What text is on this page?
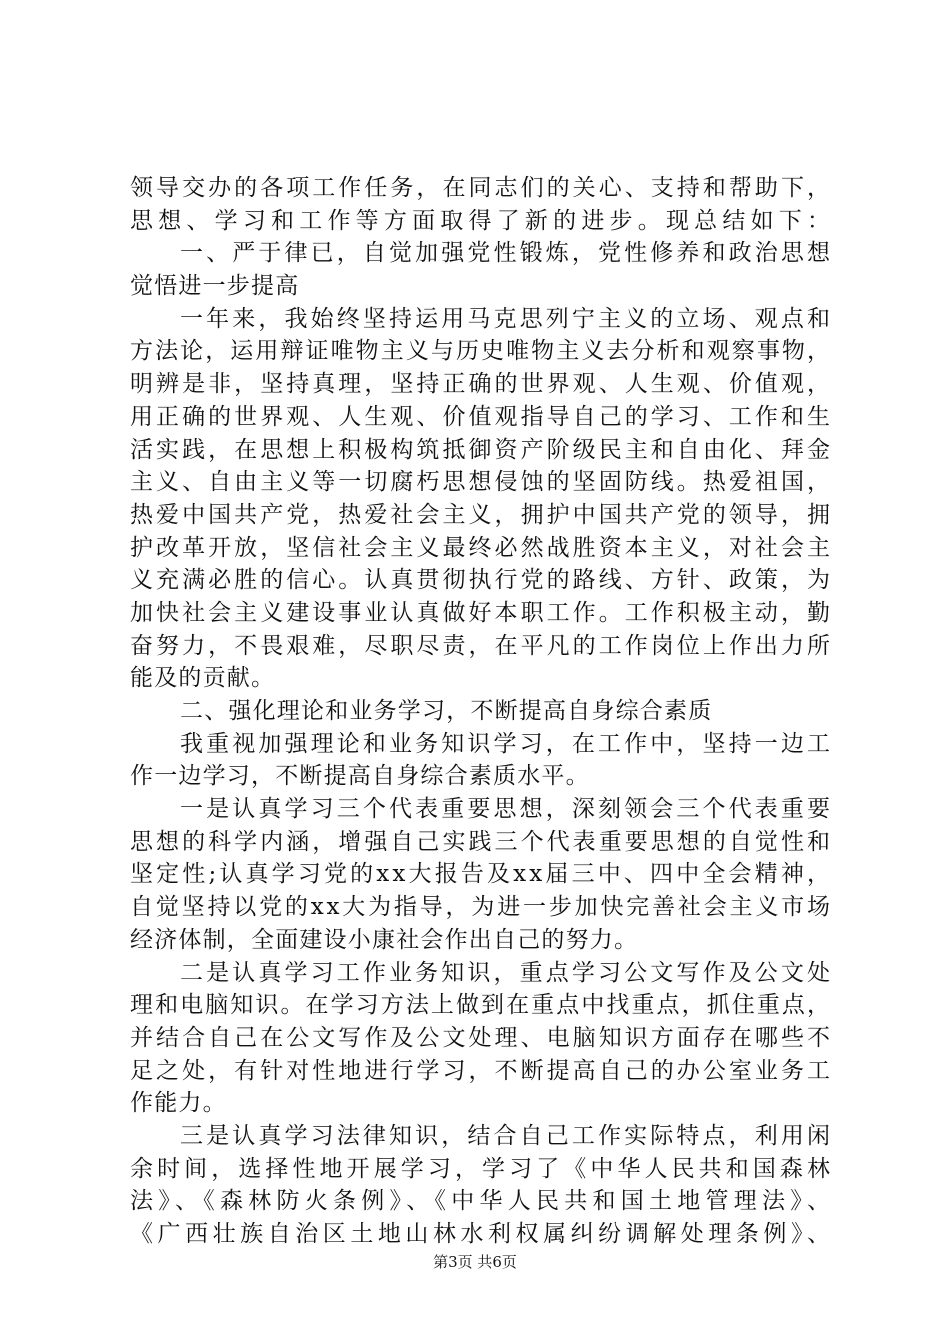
领导交办的各项工作任务，在同志们的关心、支持和帮助下，
思想、学习和工作等方面取得了新的进步。现总结如下：
一、严于律已，自觉加强党性锻炼，党性修养和政治思想
觉悟进一步提高
一年来，我始终坚持运用马克思列宁主义的立场、观点和
方法论，运用辩证唯物主义与历史唯物主义去分析和观察事物，
明辨是非，坚持真理，坚持正确的世界观、人生观、价值观，
用正确的世界观、人生观、价值观指导自己的学习、工作和生
活实践，在思想上积极构筑抵御资产阶级民主和自由化、拜金
主义、自由主义等一切腐朽思想侵蚀的坚固防线。热爱祖国，
热爱中国共产党，热爱社会主义，拥护中国共产党的领导，拥
护改革开放，坚信社会主义最终必然战胜资本主义，对社会主
义充满必胜的信心。认真贯彻执行党的路线、方针、政策，为
加快社会主义建设事业认真做好本职工作。工作积极主动，勤
奋努力，不畏艰难，尽职尽责，在平凡的工作岗位上作出力所
能及的贡献。
二、强化理论和业务学习，不断提高自身综合素质
我重视加强理论和业务知识学习，在工作中，坚持一边工
作一边学习，不断提高自身综合素质水平。
一是认真学习三个代表重要思想，深刻领会三个代表重要
思想的科学内涵，增强自己实践三个代表重要思想的自觉性和
坚定性;认真学习党的xx大报告及xx届三中、四中全会精神，
自觉坚持以党的xx大为指导，为进一步加快完善社会主义市场
经济体制，全面建设小康社会作出自己的努力。
二是认真学习工作业务知识，重点学习公文写作及公文处
理和电脑知识。在学习方法上做到在重点中找重点，抓住重点，
并结合自己在公文写作及公文处理、电脑知识方面存在哪些不
足之处，有针对性地进行学习，不断提高自己的办公室业务工
作能力。
三是认真学习法律知识，结合自己工作实际特点，利用闲
余时间，选择性地开展学习，学习了《中华人民共和国森林
法》、《森林防火条例》、《中华人民共和国土地管理法》、
《广西壮族自治区土地山林水利权属纠纷调解处理条例》、
第3页 共6页
